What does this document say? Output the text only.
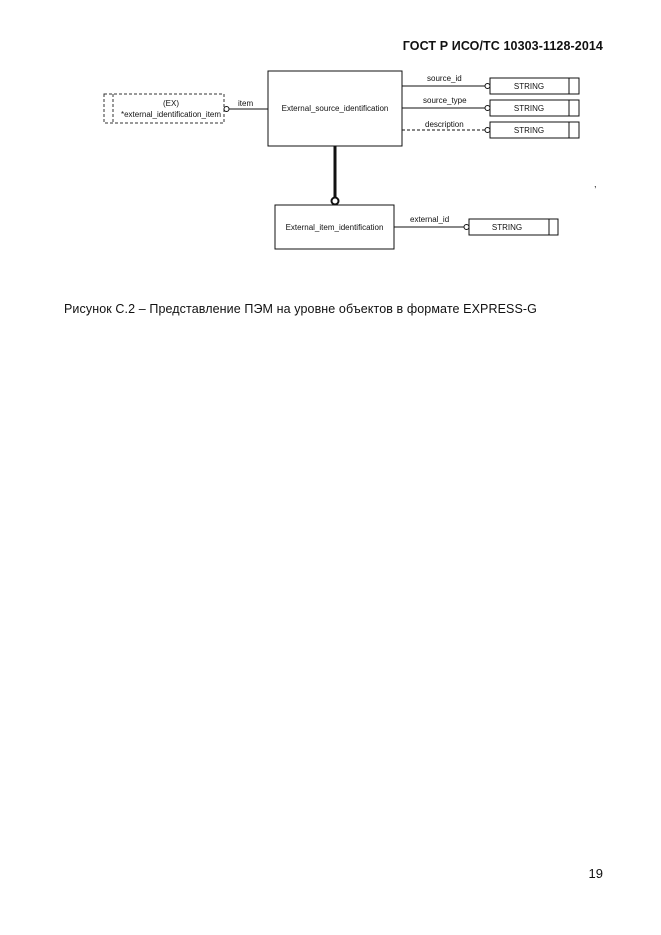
ГОСТ Р ИСО/ТС 10303-1128-2014
(EX)
*external_identification_item
item
External_source_identification
source_id
STRING
source_type
STRING
description
STRING
External_item_identification
external_id
STRING
,
Рисунок С.2 – Представление ПЭМ на уровне объектов в формате EXPRESS-G
19
